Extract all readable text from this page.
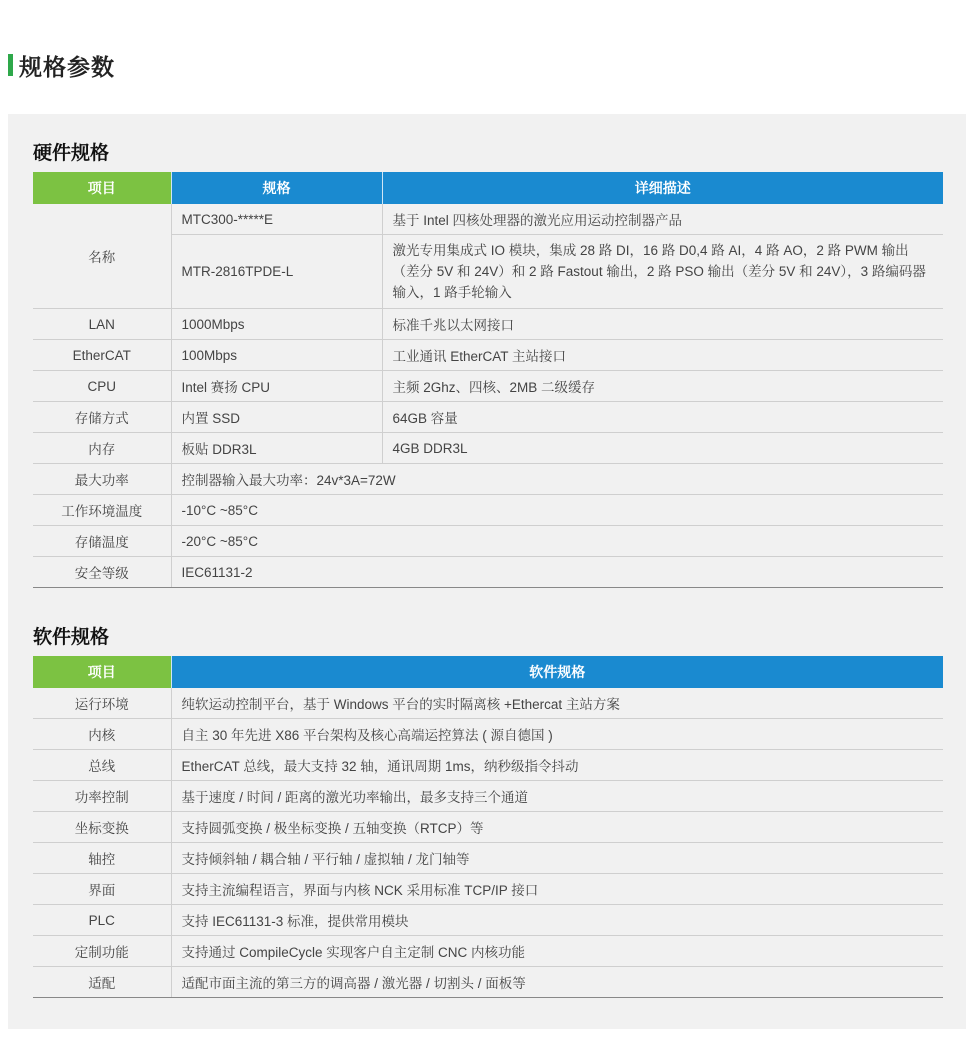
规格参数
硬件规格
项目	规格	详细描述
名称	MTC300-*****E	基于 Intel 四核处理器的激光应用运动控制器产品
	MTR-2816TPDE-L	激光专用集成式 IO 模块，集成 28 路 DI，16 路 D0,4 路 AI，4 路 AO，2 路 PWM 输出（差分 5V 和 24V）和 2 路 Fastout 输出，2 路 PSO 输出（差分 5V 和 24V），3 路编码器输入，1 路手轮输入
LAN	1000Mbps	标准千兆以太网接口
EtherCAT	100Mbps	工业通讯 EtherCAT 主站接口
CPU	Intel 赛扬 CPU	主频 2Ghz、四核、2MB 二级缓存
存储方式	内置 SSD	64GB 容量
内存	板贴 DDR3L	4GB DDR3L
最大功率	控制器输入最大功率：24v*3A=72W	
工作环境温度	-10°C ~85°C	
存储温度	-20°C ~85°C	
安全等级	IEC61131-2	
软件规格
项目	软件规格
运行环境	纯软运动控制平台，基于 Windows 平台的实时隔离核 +Ethercat 主站方案
内核	自主 30 年先进 X86 平台架构及核心高端运控算法 ( 源自德国 )
总线	EtherCAT 总线，最大支持 32 轴，通讯周期 1ms，纳秒级指令抖动
功率控制	基于速度 / 时间 / 距离的激光功率输出，最多支持三个通道
坐标变换	支持圆弧变换 / 极坐标变换 / 五轴变换（RTCP）等
轴控	支持倾斜轴 / 耦合轴 / 平行轴 / 虚拟轴 / 龙门轴等
界面	支持主流编程语言，界面与内核 NCK 采用标准 TCP/IP 接口
PLC	支持 IEC61131-3 标准，提供常用模块
定制功能	支持通过 CompileCycle 实现客户自主定制 CNC 内核功能
适配	适配市面主流的第三方的调高器 / 激光器 / 切割头 / 面板等
